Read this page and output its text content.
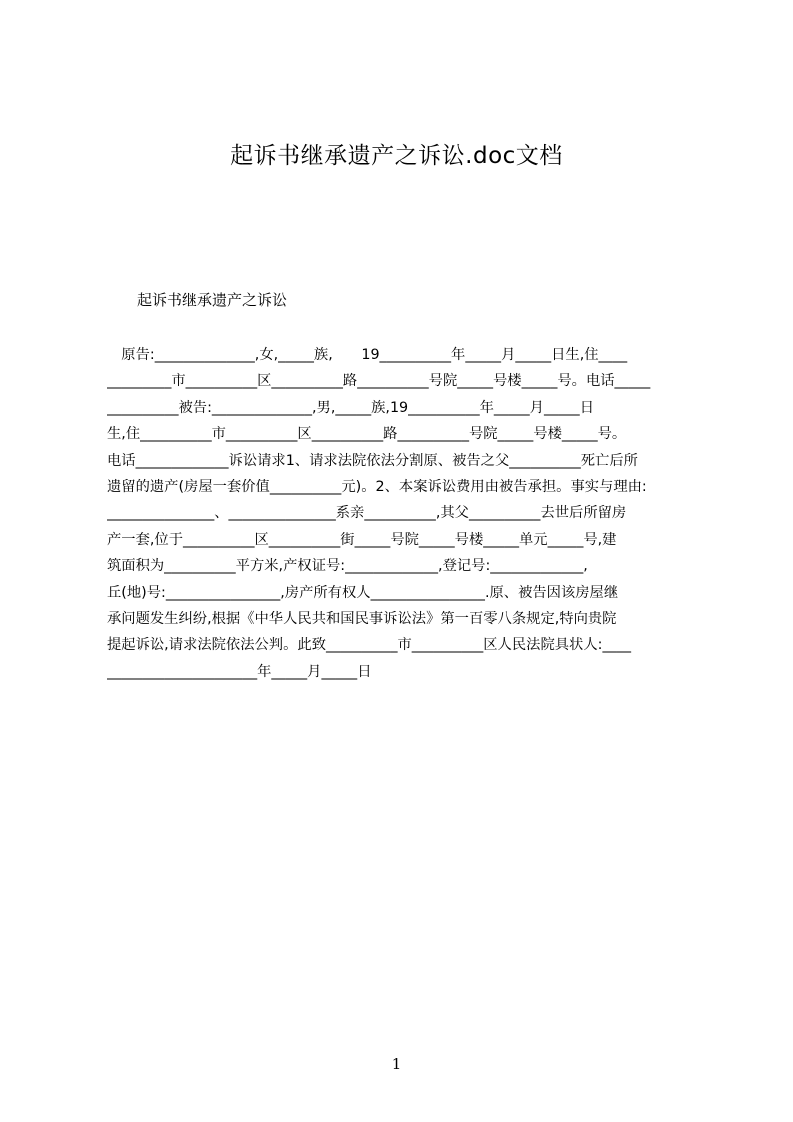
起诉书继承遗产之诉讼.doc文档
起诉书继承遗产之诉讼
　原告:______________,女,_____族,　　19__________年_____月_____日生,住____
_________市__________区__________路__________号院_____号楼_____号。电话_____
__________被告:______________,男,_____族,19__________年_____月_____日
生,住__________市__________区__________路__________号院_____号楼_____号。
电话_____________诉讼请求1、请求法院依法分割原、被告之父__________死亡后所
遗留的遗产(房屋一套价值__________元)。2、本案诉讼费用由被告承担。事实与理由:
_______________、_______________系亲__________,其父__________去世后所留房
产一套,位于__________区__________街_____号院_____号楼_____单元_____号,建
筑面积为__________平方米,产权证号:_____________,登记号:_____________,
丘(地)号:________________,房产所有权人________________.原、被告因该房屋继
承问题发生纠纷,根据《中华人民共和国民事诉讼法》第一百零八条规定,特向贵院
提起诉讼,请求法院依法公判。此致__________市__________区人民法院具状人:____
_____________________年_____月_____日
1
